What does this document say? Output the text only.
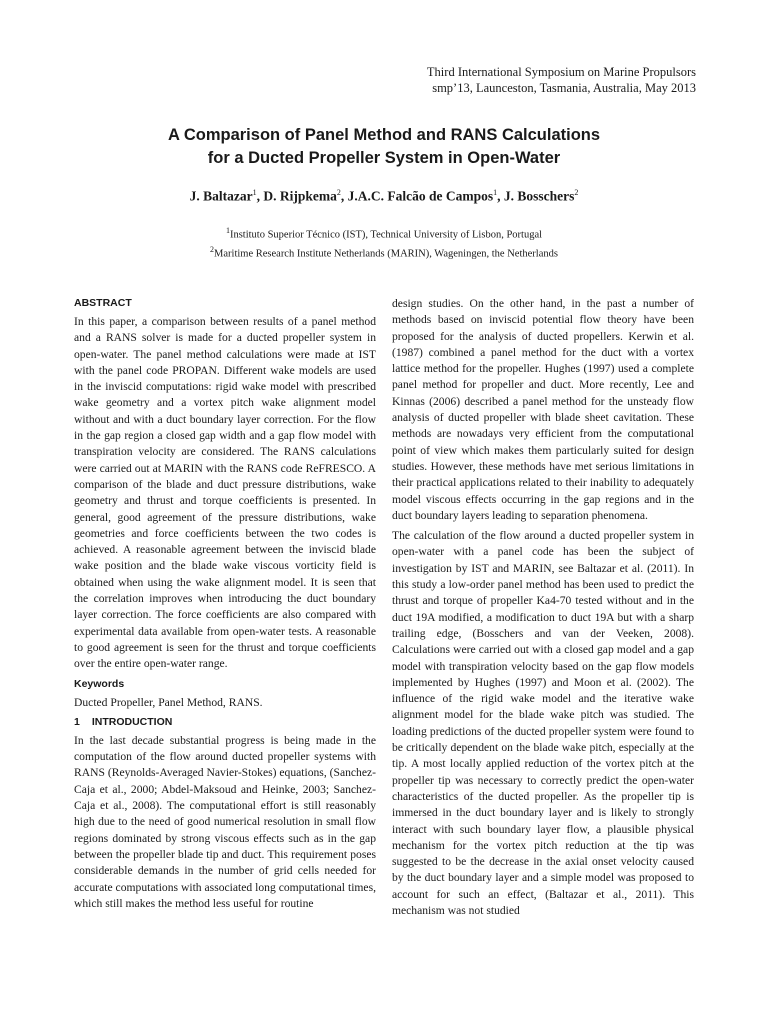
Third International Symposium on Marine Propulsors
smp’13, Launceston, Tasmania, Australia, May 2013
A Comparison of Panel Method and RANS Calculations
for a Ducted Propeller System in Open-Water
J. Baltazar$^1$, D. Rijpkema$^2$, J.A.C. Falcão de Campos$^1$, J. Bosschers$^2$
$^1$Instituto Superior Técnico (IST), Technical University of Lisbon, Portugal
$^2$Maritime Research Institute Netherlands (MARIN), Wageningen, the Netherlands
ABSTRACT

In this paper, a comparison between results of a panel method and a RANS solver is made for a ducted propeller system in open-water. The panel method calculations were made at IST with the panel code PROPAN. Different wake models are used in the inviscid computations: rigid wake model with prescribed wake geometry and a vortex pitch wake alignment model without and with a duct boundary layer correction. For the flow in the gap region a closed gap width and a gap flow model with transpiration velocity are considered. The RANS calculations were carried out at MARIN with the RANS code ReFRESCO. A comparison of the blade and duct pressure distributions, wake geometry and thrust and torque coefficients is presented. In general, good agreement of the pressure distributions, wake geometries and force coefficients between the two codes is achieved. A reasonable agreement between the inviscid blade wake position and the blade wake viscous vorticity field is obtained when using the wake alignment model. It is seen that the correlation improves when introducing the duct boundary layer correction. The force coefficients are also compared with experimental data available from open-water tests. A reasonable to good agreement is seen for the thrust and torque coefficients over the entire open-water range.

Keywords

Ducted Propeller, Panel Method, RANS.

1 INTRODUCTION

In the last decade substantial progress is being made in the computation of the flow around ducted propeller systems with RANS (Reynolds-Averaged Navier-Stokes) equations, (Sanchez-Caja et al., 2000; Abdel-Maksoud and Heinke, 2003; Sanchez-Caja et al., 2008). The computational effort is still reasonably high due to the need of good numerical resolution in small flow regions dominated by strong viscous effects such as in the gap between the propeller blade tip and duct. This requirement poses considerable demands in the number of grid cells needed for accurate computations with associated long computational times, which still makes the method less useful for routine

design studies. On the other hand, in the past a number of methods based on inviscid potential flow theory have been proposed for the analysis of ducted propellers. Kerwin et al. (1987) combined a panel method for the duct with a vortex lattice method for the propeller. Hughes (1997) used a complete panel method for propeller and duct. More recently, Lee and Kinnas (2006) described a panel method for the unsteady flow analysis of ducted propeller with blade sheet cavitation. These methods are nowadays very efficient from the computational point of view which makes them particularly suited for design studies. However, these methods have met serious limitations in their practical applications related to their inability to adequately model viscous effects occurring in the gap regions and in the duct boundary layers leading to separation phenomena.

The calculation of the flow around a ducted propeller system in open-water with a panel code has been the subject of investigation by IST and MARIN, see Baltazar et al. (2011). In this study a low-order panel method has been used to predict the thrust and torque of propeller Ka4-70 tested without and in the duct 19A modified, a modification to duct 19A but with a sharp trailing edge, (Bosschers and van der Veeken, 2008). Calculations were carried out with a closed gap model and a gap model with transpiration velocity based on the gap flow models implemented by Hughes (1997) and Moon et al. (2002). The influence of the rigid wake model and the iterative wake alignment model for the blade wake pitch was studied. The loading predictions of the ducted propeller system were found to be critically dependent on the blade wake pitch, especially at the tip. A most locally applied reduction of the vortex pitch at the propeller tip was necessary to correctly predict the open-water characteristics of the ducted propeller. As the propeller tip is immersed in the duct boundary layer and is likely to strongly interact with such boundary layer flow, a plausible physical mechanism for the vortex pitch reduction at the tip was suggested to be the decrease in the axial onset velocity caused by the duct boundary layer and a simple model was proposed to account for such an effect, (Baltazar et al., 2011). This mechanism was not studied
